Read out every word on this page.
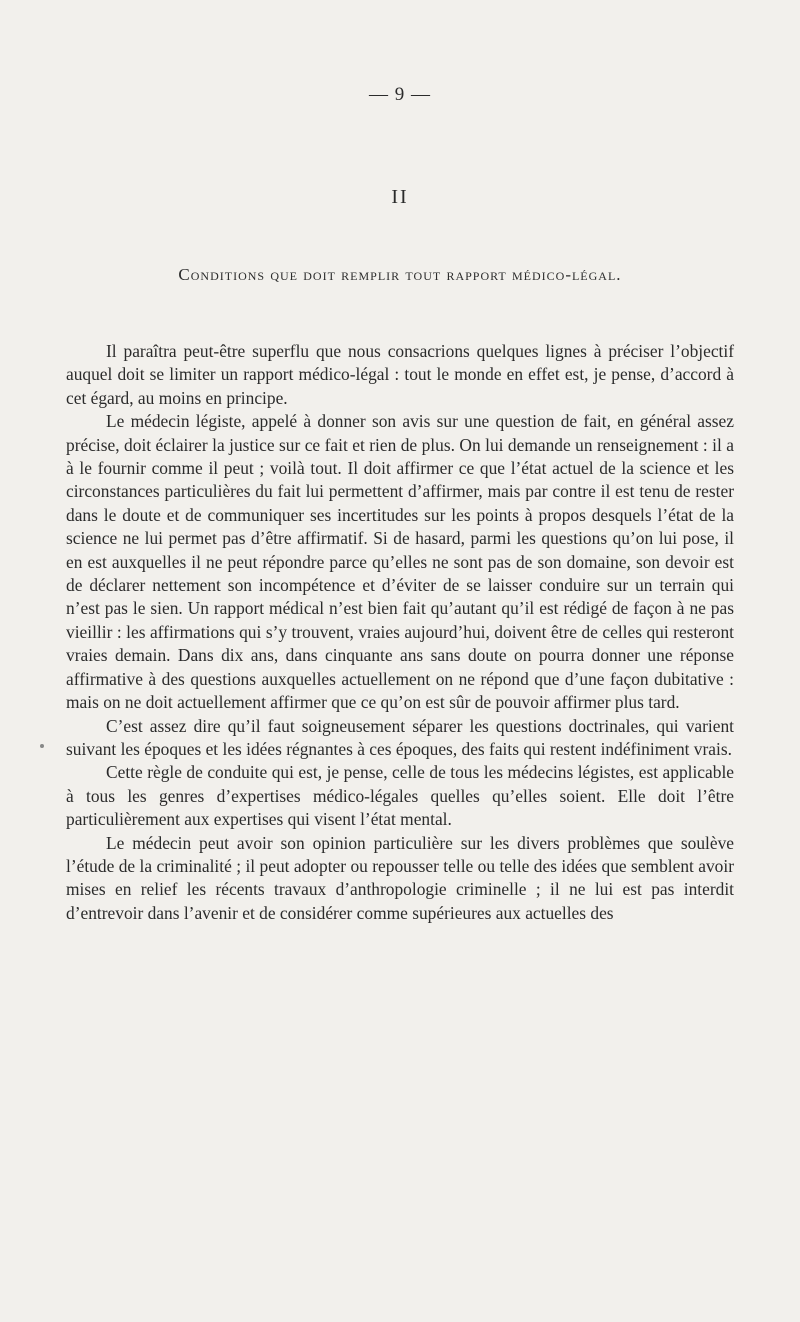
— 9 —
II
Conditions que doit remplir tout rapport médico-légal.

Il paraîtra peut-être superflu que nous consacrions quelques lignes à préciser l’objectif auquel doit se limiter un rapport médico-légal : tout le monde en effet est, je pense, d’accord à cet égard, au moins en principe.

Le médecin légiste, appelé à donner son avis sur une question de fait, en général assez précise, doit éclairer la justice sur ce fait et rien de plus. On lui demande un renseignement : il a à le fournir comme il peut ; voilà tout. Il doit affirmer ce que l’état actuel de la science et les circonstances particulières du fait lui permettent d’affirmer, mais par contre il est tenu de rester dans le doute et de communiquer ses incertitudes sur les points à propos desquels l’état de la science ne lui permet pas d’être affirmatif. Si de hasard, parmi les questions qu’on lui pose, il en est auxquelles il ne peut répondre parce qu’elles ne sont pas de son domaine, son devoir est de déclarer nettement son incompétence et d’éviter de se laisser conduire sur un terrain qui n’est pas le sien. Un rapport médical n’est bien fait qu’autant qu’il est rédigé de façon à ne pas vieillir : les affirmations qui s’y trouvent, vraies aujourd’hui, doivent être de celles qui resteront vraies demain. Dans dix ans, dans cinquante ans sans doute on pourra donner une réponse affirmative à des questions auxquelles actuellement on ne répond que d’une façon dubitative : mais on ne doit actuellement affirmer que ce qu’on est sûr de pouvoir affirmer plus tard.

C’est assez dire qu’il faut soigneusement séparer les questions doctrinales, qui varient suivant les époques et les idées régnantes à ces époques, des faits qui restent indéfiniment vrais.

Cette règle de conduite qui est, je pense, celle de tous les médecins légistes, est applicable à tous les genres d’expertises médico-légales quelles qu’elles soient. Elle doit l’être particulièrement aux expertises qui visent l’état mental.

Le médecin peut avoir son opinion particulière sur les divers problèmes que soulève l’étude de la criminalité ; il peut adopter ou repousser telle ou telle des idées que semblent avoir mises en relief les récents travaux d’anthropologie criminelle ; il ne lui est pas interdit d’entrevoir dans l’avenir et de considérer comme supérieures aux actuelles des
